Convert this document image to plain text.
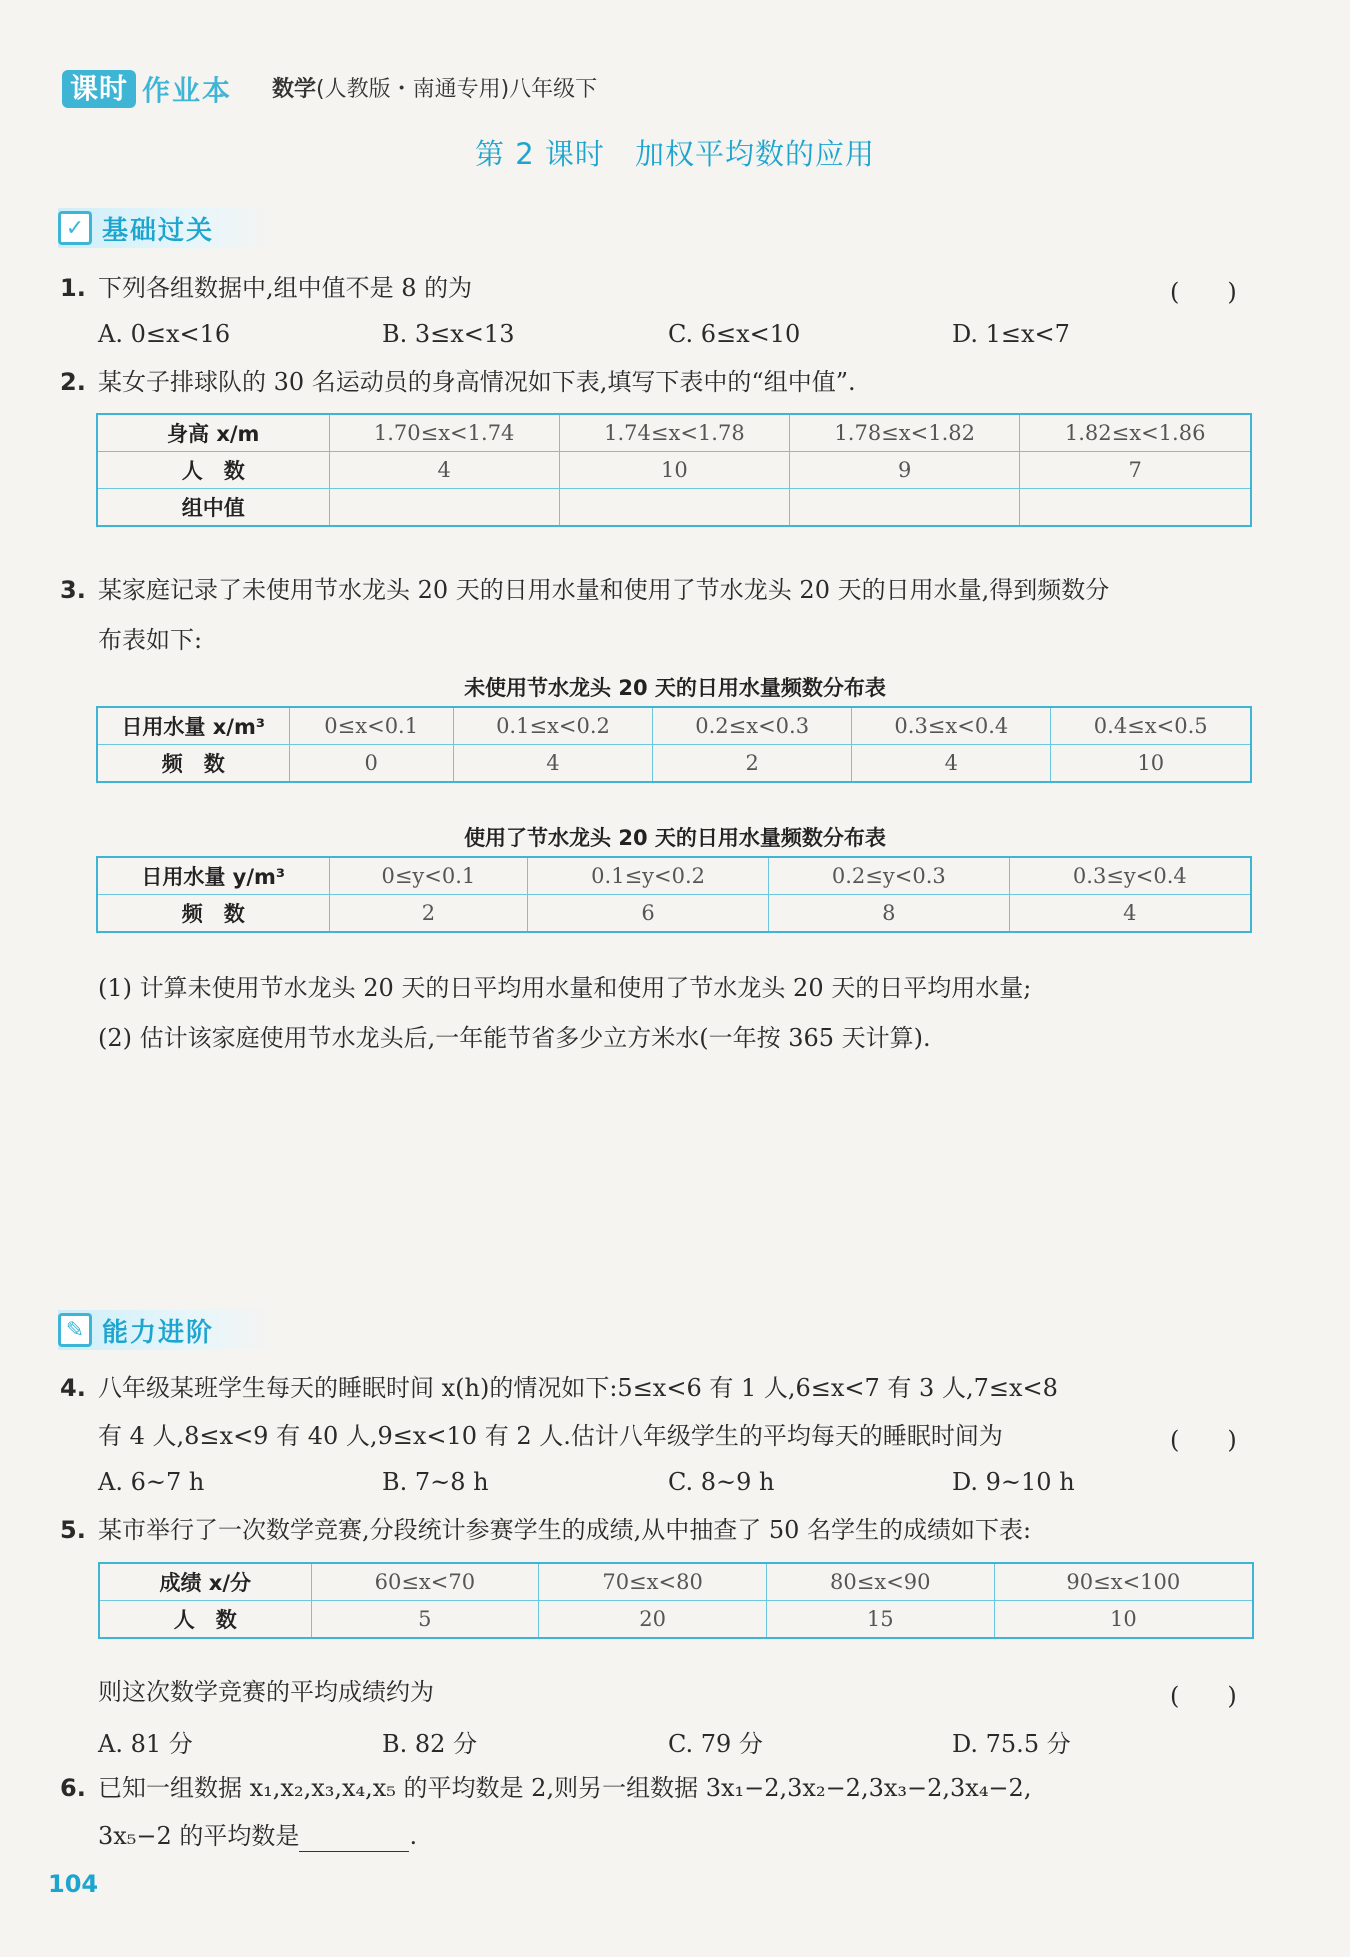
课时 作业本 数学(人教版・南通专用)八年级下
第 2 课时 加权平均数的应用
✓ 基础过关
1. 下列各组数据中,组中值不是 8 的为	(　　)
A. 0≤x<16	B. 3≤x<13	C. 6≤x<10	D. 1≤x<7
2. 某女子排球队的 30 名运动员的身高情况如下表,填写下表中的“组中值”.
身高 x/m	1.70≤x<1.74	1.74≤x<1.78	1.78≤x<1.82	1.82≤x<1.86
人　数	4	10	9	7
组中值				
3. 某家庭记录了未使用节水龙头 20 天的日用水量和使用了节水龙头 20 天的日用水量,得到频数分
布表如下:
未使用节水龙头 20 天的日用水量频数分布表
日用水量 x/m³	0≤x<0.1	0.1≤x<0.2	0.2≤x<0.3	0.3≤x<0.4	0.4≤x<0.5
频　数	0	4	2	4	10
使用了节水龙头 20 天的日用水量频数分布表
日用水量 y/m³	0≤y<0.1	0.1≤y<0.2	0.2≤y<0.3	0.3≤y<0.4
频　数	2	6	8	4
(1) 计算未使用节水龙头 20 天的日平均用水量和使用了节水龙头 20 天的日平均用水量;
(2) 估计该家庭使用节水龙头后,一年能节省多少立方米水(一年按 365 天计算).
✎ 能力进阶
4. 八年级某班学生每天的睡眠时间 x(h)的情况如下:5≤x<6 有 1 人,6≤x<7 有 3 人,7≤x<8
有 4 人,8≤x<9 有 40 人,9≤x<10 有 2 人.估计八年级学生的平均每天的睡眠时间为	(　　)
A. 6~7 h	B. 7~8 h	C. 8~9 h	D. 9~10 h
5. 某市举行了一次数学竞赛,分段统计参赛学生的成绩,从中抽查了 50 名学生的成绩如下表:
成绩 x/分	60≤x<70	70≤x<80	80≤x<90	90≤x<100
人　数	5	20	15	10
则这次数学竞赛的平均成绩约为	(　　)
A. 81 分	B. 82 分	C. 79 分	D. 75.5 分
6. 已知一组数据 x₁,x₂,x₃,x₄,x₅ 的平均数是 2,则另一组数据 3x₁−2,3x₂−2,3x₃−2,3x₄−2,
3x₅−2 的平均数是	.
104
